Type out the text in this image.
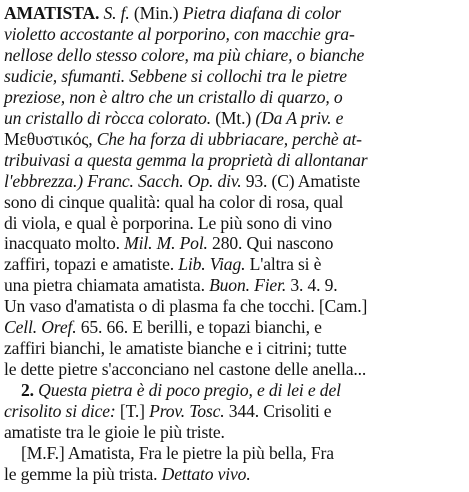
AMATISTA. S. f. (Min.) Pietra diafana di color
violetto accostante al porporino, con macchie gra-
nellose dello stesso colore, ma più chiare, o bianche
sudicie, sfumanti. Sebbene si collochi tra le pietre
preziose, non è altro che un cristallo di quarzo, o
un cristallo di ròcca colorato. (Mt.) (Da A priv. e
Μεθυστικός, Che ha forza di ubbriacare, perchè at-
tribuivasi a questa gemma la proprietà di allontanar
l'ebbrezza.) Franc. Sacch. Op. div. 93. (C) Amatiste
sono di cinque qualità: qual ha color di rosa, qual
di viola, e qual è porporina. Le più sono di vino
inacquato molto. Mil. M. Pol. 280. Qui nascono
zaffiri, topazi e amatiste. Lib. Viag. L'altra si è
una pietra chiamata amatista. Buon. Fier. 3. 4. 9.
Un vaso d'amatista o di plasma fa che tocchi. [Cam.]
Cell. Oref. 65. 66. E berilli, e topazi bianchi, e
zaffiri bianchi, le amatiste bianche e i citrini; tutte
le dette pietre s'acconciano nel castone delle anella...
2. Questa pietra è di poco pregio, e di lei e del
crisolito si dice: [T.] Prov. Tosc. 344. Crisoliti e
amatiste tra le gioie le più triste.
[M.F.] Amatista, Fra le pietre la più bella, Fra
le gemme la più trista. Dettato vivo.
